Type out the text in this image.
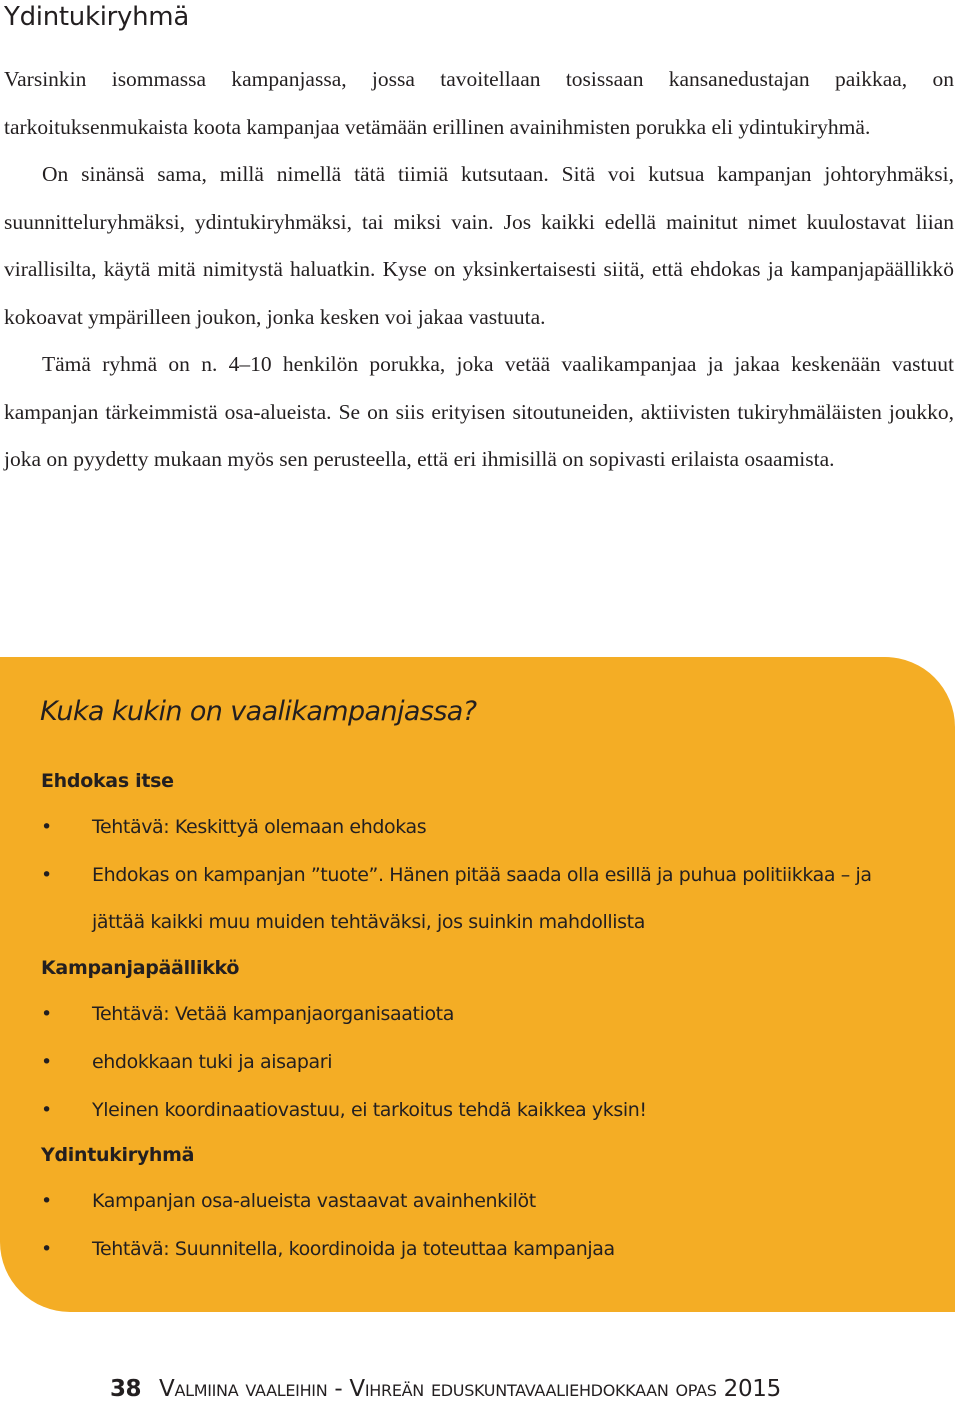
Ydintukiryhmä

Varsinkin isommassa kampanjassa, jossa tavoitellaan tosissaan kansanedustajan paikkaa, on tarkoituksenmukaista koota kampanjaa vetämään erillinen avainihmisten porukka eli ydintukiryhmä.

On sinänsä sama, millä nimellä tätä tiimiä kutsutaan. Sitä voi kutsua kampanjan johtoryhmäksi, suunnitteluryhmäksi, ydintukiryhmäksi, tai miksi vain. Jos kaikki edellä mainitut nimet kuulostavat liian virallisilta, käytä mitä nimitystä haluatkin. Kyse on yksinkertaisesti siitä, että ehdokas ja kampanjapäällikkö kokoavat ympärilleen joukon, jonka kesken voi jakaa vastuuta.

Tämä ryhmä on n. 4–10 henkilön porukka, joka vetää vaalikampanjaa ja jakaa keskenään vastuut kampanjan tärkeimmistä osa-alueista. Se on siis erityisen sitoutuneiden, aktiivisten tukiryhmäläisten joukko, joka on pyydetty mukaan myös sen perusteella, että eri ihmisillä on sopivasti erilaista osaamista.

Kuka kukin on vaalikampanjassa?
Ehdokas itse
• Tehtävä: Keskittyä olemaan ehdokas
• Ehdokas on kampanjan ”tuote”. Hänen pitää saada olla esillä ja puhua politiikkaa – ja jättää kaikki muu muiden tehtäväksi, jos suinkin mahdollista
Kampanjapäällikkö
• Tehtävä: Vetää kampanjaorganisaatiota
• ehdokkaan tuki ja aisapari
• Yleinen koordinaatiovastuu, ei tarkoitus tehdä kaikkea yksin!
Ydintukiryhmä
• Kampanjan osa-alueista vastaavat avainhenkilöt
• Tehtävä: Suunnitella, koordinoida ja toteuttaa kampanjaa
38 Valmiina vaaleihin - Vihreän eduskuntavaaliehdokkaan opas 2015
